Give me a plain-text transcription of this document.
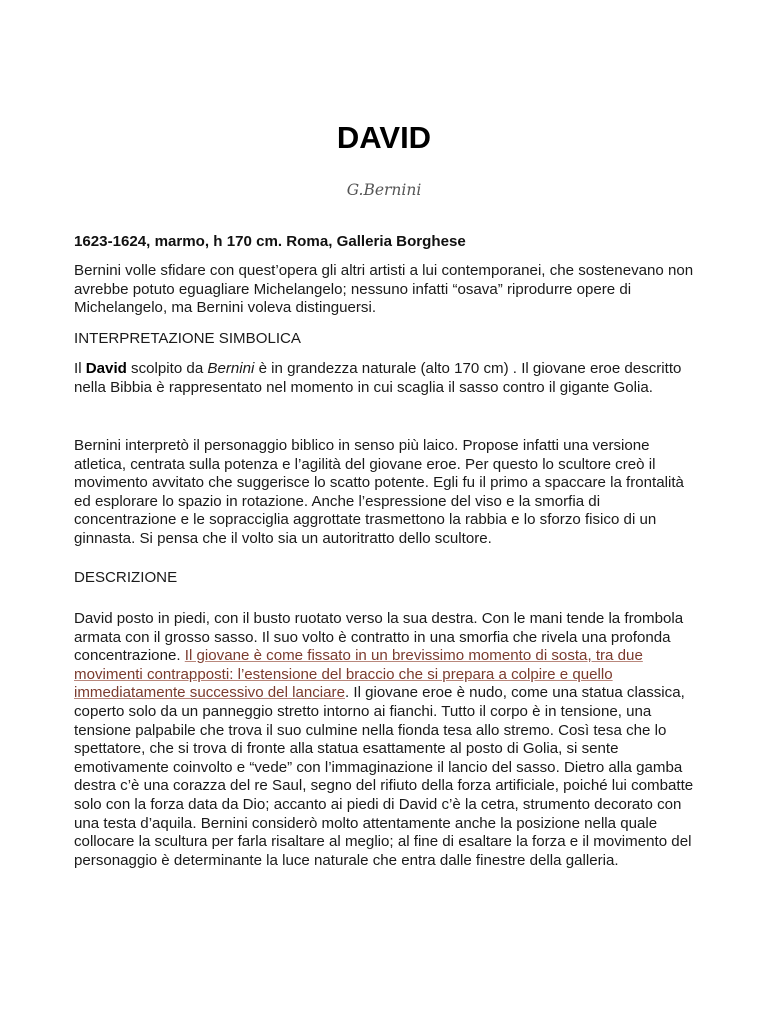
DAVID

G.Bernini

1623-1624, marmo, h 170 cm. Roma, Galleria Borghese

Bernini volle sfidare con quest’opera gli altri artisti a lui contemporanei, che sostenevano non avrebbe potuto eguagliare Michelangelo; nessuno infatti “osava” riprodurre opere di Michelangelo, ma Bernini voleva distinguersi.

INTERPRETAZIONE SIMBOLICA

Il David scolpito da Bernini è in grandezza naturale (alto 170 cm) . Il giovane eroe descritto nella Bibbia è rappresentato nel momento in cui scaglia il sasso contro il gigante Golia.

Bernini interpretò il personaggio biblico in senso più laico. Propose infatti una versione atletica, centrata sulla potenza e l’agilità del giovane eroe. Per questo lo scultore creò il movimento avvitato che suggerisce lo scatto potente. Egli fu il primo a spaccare la frontalità ed esplorare lo spazio in rotazione. Anche l’espressione del viso e la smorfia di concentrazione e le sopracciglia aggrottate trasmettono la rabbia e lo sforzo fisico di un ginnasta. Si pensa che il volto sia un autoritratto dello scultore.

DESCRIZIONE

David posto in piedi, con il busto ruotato verso la sua destra. Con le mani tende la frombola armata con il grosso sasso. Il suo volto è contratto in una smorfia che rivela una profonda concentrazione. Il giovane è come fissato in un brevissimo momento di sosta, tra due movimenti contrapposti: l’estensione del braccio che si prepara a colpire e quello immediatamente successivo del lanciare. Il giovane eroe è nudo, come una statua classica, coperto solo da un panneggio stretto intorno ai fianchi. Tutto il corpo è in tensione, una tensione palpabile che trova il suo culmine nella fionda tesa allo stremo. Così tesa che lo spettatore, che si trova di fronte alla statua esattamente al posto di Golia, si sente emotivamente coinvolto e “vede” con l’immaginazione il lancio del sasso. Dietro alla gamba destra c’è una corazza del re Saul, segno del rifiuto della forza artificiale, poiché lui combatte solo con la forza data da Dio; accanto ai piedi di David c’è la cetra, strumento decorato con una testa d’aquila. Bernini considerò molto attentamente anche la posizione nella quale collocare la scultura per farla risaltare al meglio; al fine di esaltare la forza e il movimento del personaggio è determinante la luce naturale che entra dalle finestre della galleria.
